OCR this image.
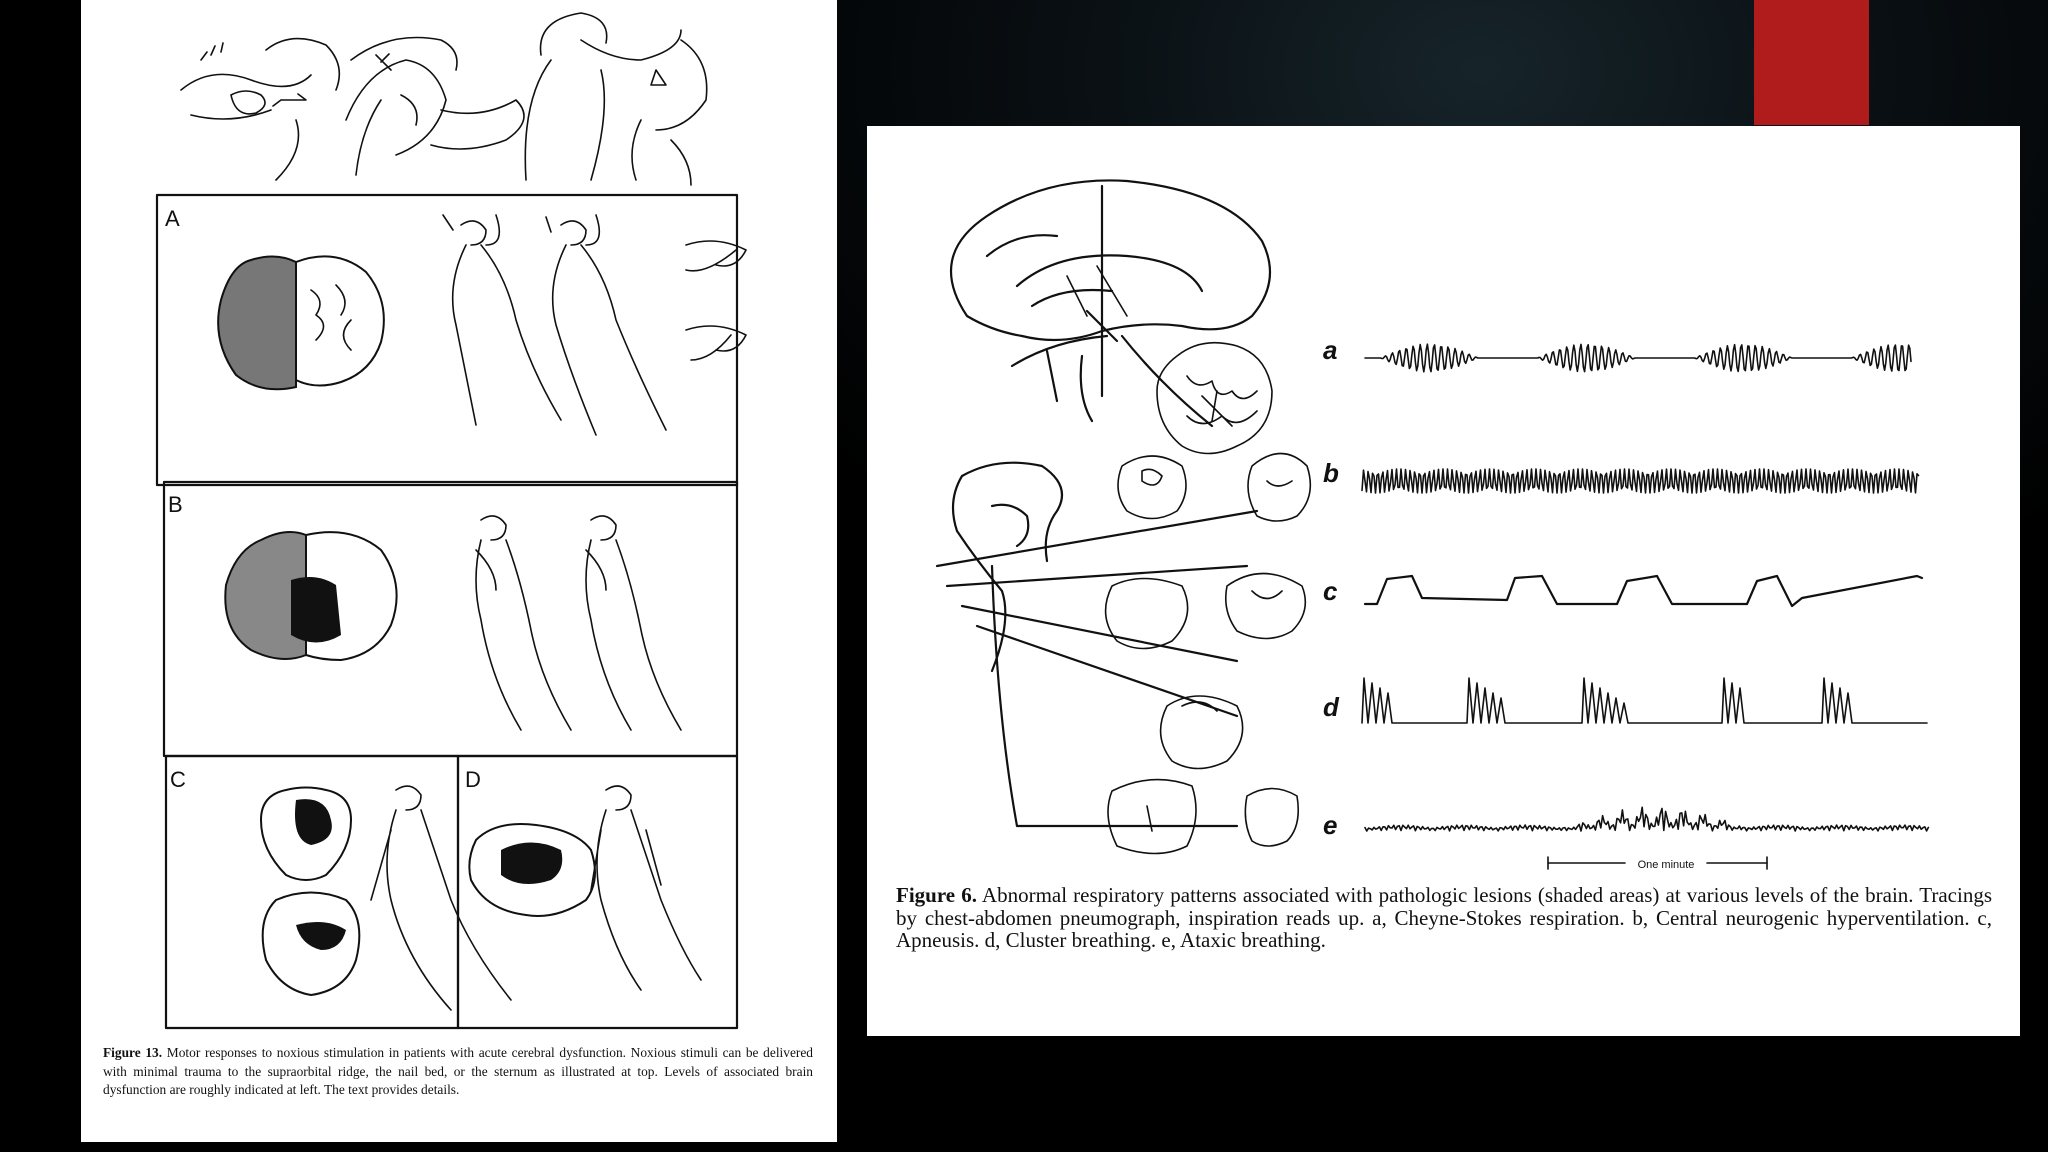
A
B
C	D
Figure 13. Motor responses to noxious stimulation in patients with acute cerebral dysfunction. Noxious stimuli can be delivered with minimal trauma to the supraorbital ridge, the nail bed, or the sternum as illustrated at top. Levels of associated brain dysfunction are roughly indicated at left. The text provides details.
a
b
c
d
e
One minute
Figure 6. Abnormal respiratory patterns associated with pathologic lesions (shaded areas) at various levels of the brain. Tracings by chest-abdomen pneumograph, inspiration reads up. a, Cheyne-Stokes respiration. b, Central neurogenic hyperventilation. c, Apneusis. d, Cluster breathing. e, Ataxic breathing.
